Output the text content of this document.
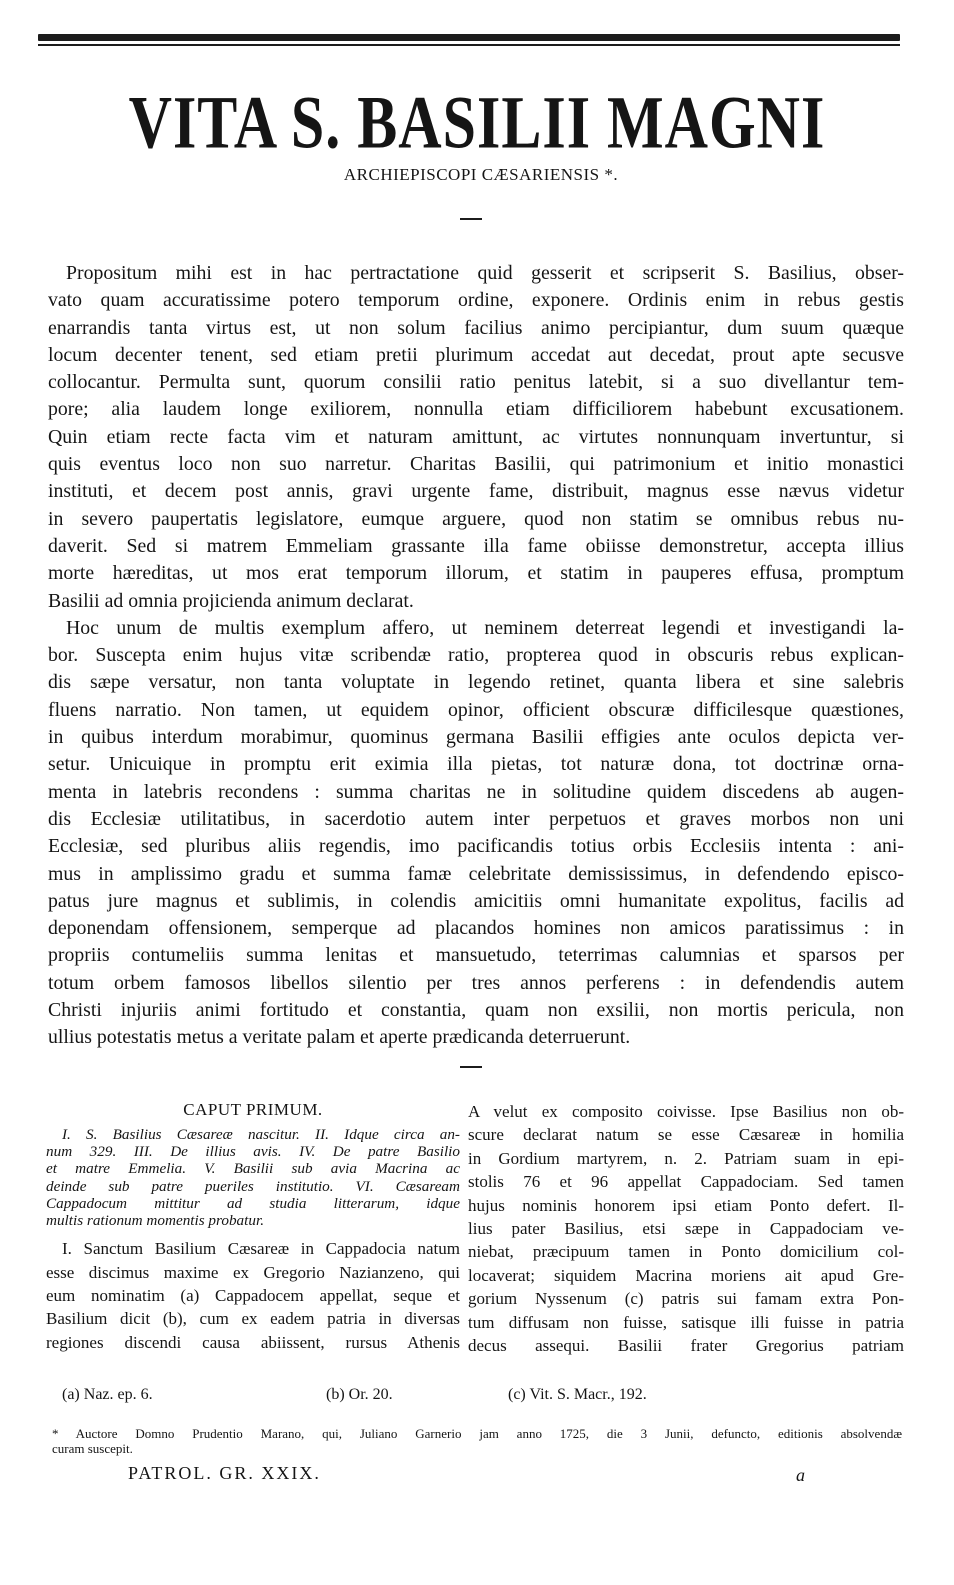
VITA S. BASILII MAGNI
ARCHIEPISCOPI CÆSARIENSIS *.
Propositum mihi est in hac pertractatione quid gesserit et scripserit S. Basilius, obser-
vato quam accuratissime potero temporum ordine, exponere. Ordinis enim in rebus gestis
enarrandis tanta virtus est, ut non solum facilius animo percipiantur, dum suum quæque
locum decenter tenent, sed etiam pretii plurimum accedat aut decedat, prout apte secusve
collocantur. Permulta sunt, quorum consilii ratio penitus latebit, si a suo divellantur tem-
pore; alia laudem longe exiliorem, nonnulla etiam difficiliorem habebunt excusationem.
Quin etiam recte facta vim et naturam amittunt, ac virtutes nonnunquam invertuntur, si
quis eventus loco non suo narretur. Charitas Basilii, qui patrimonium et initio monastici
instituti, et decem post annis, gravi urgente fame, distribuit, magnus esse nævus videtur
in severo paupertatis legislatore, eumque arguere, quod non statim se omnibus rebus nu-
daverit. Sed si matrem Emmeliam grassante illa fame obiisse demonstretur, accepta illius
morte hæreditas, ut mos erat temporum illorum, et statim in pauperes effusa, promptum
Basilii ad omnia projicienda animum declarat.
Hoc unum de multis exemplum affero, ut neminem deterreat legendi et investigandi la-
bor. Suscepta enim hujus vitæ scribendæ ratio, propterea quod in obscuris rebus explican-
dis sæpe versatur, non tanta voluptate in legendo retinet, quanta libera et sine salebris
fluens narratio. Non tamen, ut equidem opinor, officient obscuræ difficilesque quæstiones,
in quibus interdum morabimur, quominus germana Basilii effigies ante oculos depicta ver-
setur. Unicuique in promptu erit eximia illa pietas, tot naturæ dona, tot doctrinæ orna-
menta in latebris recondens : summa charitas ne in solitudine quidem discedens ab augen-
dis Ecclesiæ utilitatibus, in sacerdotio autem inter perpetuos et graves morbos non uni
Ecclesiæ, sed pluribus aliis regendis, imo pacificandis totius orbis Ecclesiis intenta : ani-
mus in amplissimo gradu et summa famæ celebritate demississimus, in defendendo episco-
patus jure magnus et sublimis, in colendis amicitiis omni humanitate expolitus, facilis ad
deponendam offensionem, semperque ad placandos homines non amicos paratissimus : in
propriis contumeliis summa lenitas et mansuetudo, teterrimas calumnias et sparsos per
totum orbem famosos libellos silentio per tres annos perferens : in defendendis autem
Christi injuriis animi fortitudo et constantia, quam non exsilii, non mortis pericula, non
ullius potestatis metus a veritate palam et aperte prædicanda deterruerunt.
CAPUT PRIMUM.
I. S. Basilius Cæsareæ nascitur. II. Idque circa an-
num 329. III. De illius avis. IV. De patre Basilio
et matre Emmelia. V. Basilii sub avia Macrina ac
deinde sub patre pueriles institutio. VI. Cæsaream
Cappadocum mittitur ad studia litterarum, idque
multis rationum momentis probatur.
I. Sanctum Basilium Cæsareæ in Cappadocia natum
esse discimus maxime ex Gregorio Nazianzeno, qui
eum nominatim (a) Cappadocem appellat, seque et
Basilium dicit (b), cum ex eadem patria in diversas
regiones discendi causa abiissent, rursus Athenis
A velut ex composito coivisse. Ipse Basilius non ob-
scure declarat natum se esse Cæsareæ in homilia
in Gordium martyrem, n. 2. Patriam suam in epi-
stolis 76 et 96 appellat Cappadociam. Sed tamen
hujus nominis honorem ipsi etiam Ponto defert. Il-
lius pater Basilius, etsi sæpe in Cappadociam ve-
niebat, præcipuum tamen in Ponto domicilium col-
locaverat; siquidem Macrina moriens ait apud Gre-
gorium Nyssenum (c) patris sui famam extra Pon-
tum diffusam non fuisse, satisque illi fuisse in patria
decus assequi. Basilii frater Gregorius patriam
(a) Naz. ep. 6.	(b) Or. 20.	(c) Vit. S. Macr., 192.
* Auctore Domno Prudentio Marano, qui, Juliano Garnerio jam anno 1725, die 3 Junii, defuncto, editionis absolvendæ
curam suscepit.
PATROL. GR. XXIX.	a
